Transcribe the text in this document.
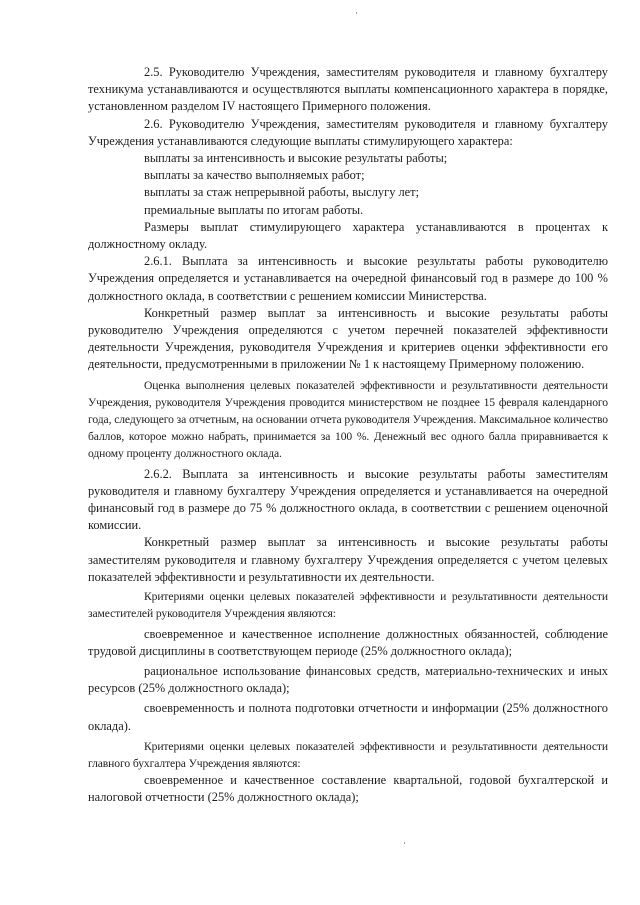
2.5. Руководителю Учреждения, заместителям руководителя и главному бухгалтеру техникума устанавливаются и осуществляются выплаты компенсационного характера в порядке, установленном разделом IV настоящего Примерного положения.

2.6. Руководителю Учреждения, заместителям руководителя и главному бухгалтеру Учреждения устанавливаются следующие выплаты стимулирующего характера:

выплаты за интенсивность и высокие результаты работы;

выплаты за качество выполняемых работ;

выплаты за стаж непрерывной работы, выслугу лет;

премиальные выплаты по итогам работы.

Размеры выплат стимулирующего характера устанавливаются в процентах к должностному окладу.

2.6.1. Выплата за интенсивность и высокие результаты работы руководителю Учреждения определяется и устанавливается на очередной финансовый год в размере до 100 % должностного оклада, в соответствии с решением комиссии Министерства.

Конкретный размер выплат за интенсивность и высокие результаты работы руководителю Учреждения определяются с учетом перечней показателей эффективности деятельности Учреждения, руководителя Учреждения и критериев оценки эффективности его деятельности, предусмотренными в приложении № 1 к настоящему Примерному положению.

Оценка выполнения целевых показателей эффективности и результативности деятельности Учреждения, руководителя Учреждения проводится министерством не позднее 15 февраля календарного года, следующего за отчетным, на основании отчета руководителя Учреждения. Максимальное количество баллов, которое можно набрать, принимается за 100 %. Денежный вес одного балла приравнивается к одному проценту должностного оклада.

2.6.2. Выплата за интенсивность и высокие результаты работы заместителям руководителя и главному бухгалтеру Учреждения определяется и устанавливается на очередной финансовый год в размере до 75 % должностного оклада, в соответствии с решением оценочной комиссии.

Конкретный размер выплат за интенсивность и высокие результаты работы заместителям руководителя и главному бухгалтеру Учреждения определяется с учетом целевых показателей эффективности и результативности их деятельности.

Критериями оценки целевых показателей эффективности и результативности деятельности заместителей руководителя Учреждения являются:

своевременное и качественное исполнение должностных обязанностей, соблюдение трудовой дисциплины в соответствующем периоде (25% должностного оклада);

рациональное использование финансовых средств, материально-технических и иных ресурсов (25% должностного оклада);

своевременность и полнота подготовки отчетности и информации (25% должностного оклада).

Критериями оценки целевых показателей эффективности и результативности деятельности главного бухгалтера Учреждения являются:

своевременное и качественное составление квартальной, годовой бухгалтерской и налоговой отчетности (25% должностного оклада);
